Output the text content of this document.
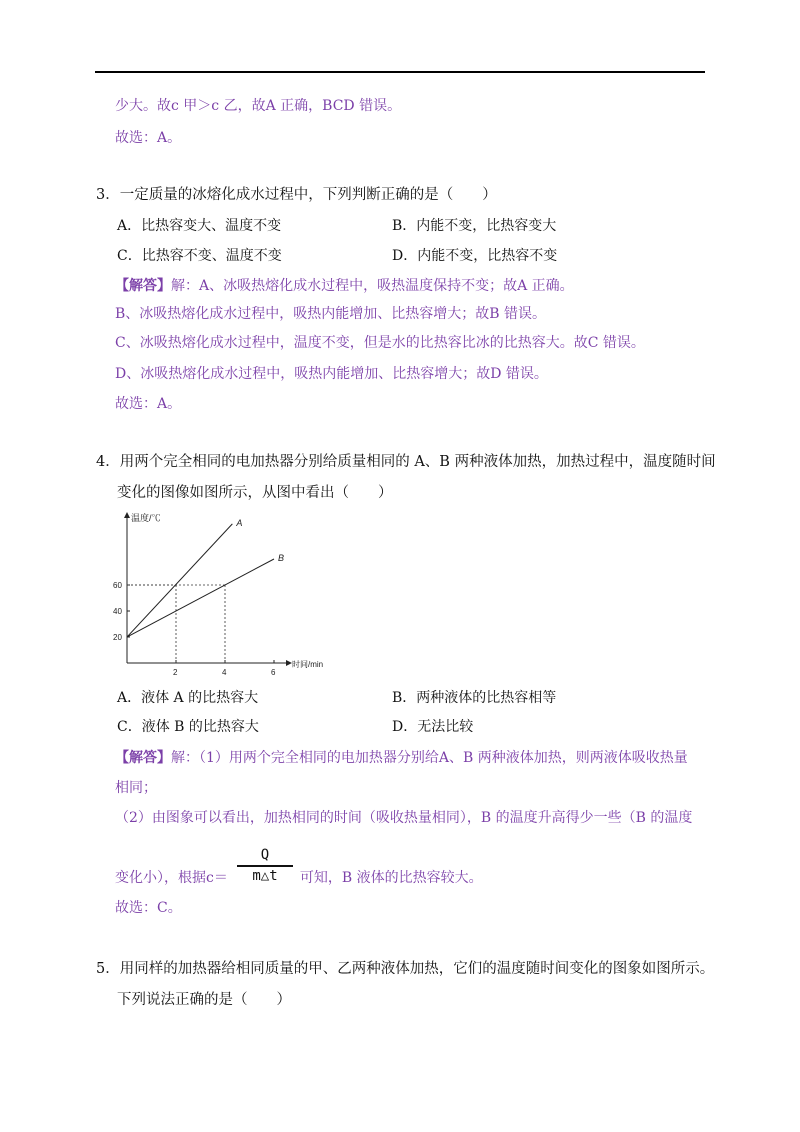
少大。故c 甲＞c 乙，故A 正确，BCD 错误。
故选：A。
3．一定质量的冰熔化成水过程中，下列判断正确的是（　　）
A．比热容变大、温度不变	B．内能不变，比热容变大
C．比热容不变、温度不变	D．内能不变，比热容不变
【解答】解：A、冰吸热熔化成水过程中，吸热温度保持不变；故A 正确。
B、冰吸热熔化成水过程中，吸热内能增加、比热容增大；故B 错误。
C、冰吸热熔化成水过程中，温度不变，但是水的比热容比冰的比热容大。故C 错误。
D、冰吸热熔化成水过程中，吸热内能增加、比热容增大；故D 错误。
故选：A。
4．用两个完全相同的电加热器分别给质量相同的 A、B 两种液体加热，加热过程中，温度随时间
变化的图像如图所示，从图中看出（　　）
温度/℃
时间/min
2	4	6
20
40
60
A
B
A．液体 A 的比热容大	B．两种液体的比热容相等
C．液体 B 的比热容大	D．无法比较
【解答】解：（1）用两个完全相同的电加热器分别给A、B 两种液体加热，则两液体吸收热量
相同；
（2）由图象可以看出，加热相同的时间（吸收热量相同），B 的温度升高得少一些（B 的温度
变化小），根据c＝	可知，B 液体的比热容较大。
Q
m△t
故选：C。
5．用同样的加热器给相同质量的甲、乙两种液体加热，它们的温度随时间变化的图象如图所示。
下列说法正确的是（　　）
